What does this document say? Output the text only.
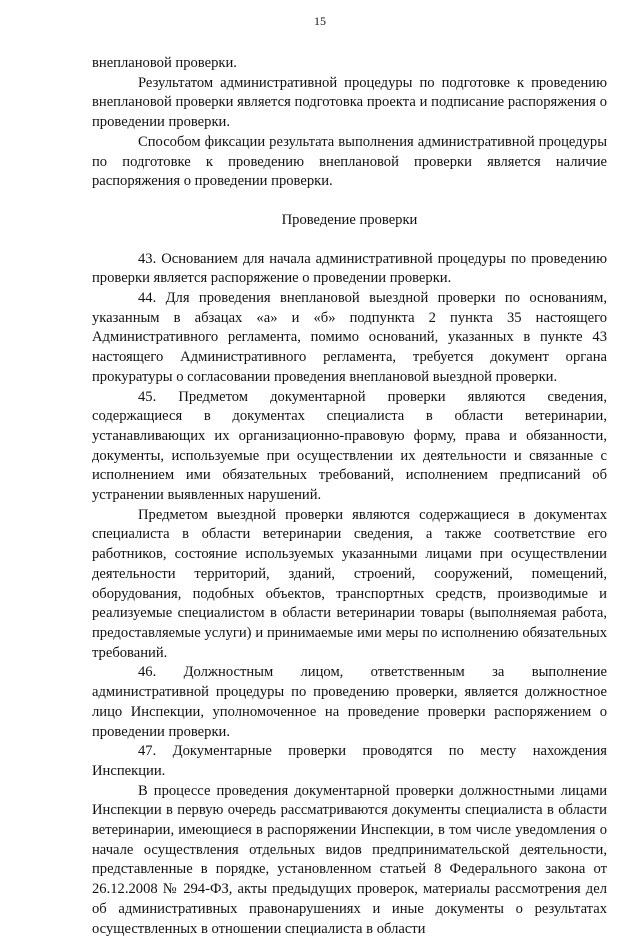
15

внеплановой проверки.

Результатом административной процедуры по подготовке к проведению внеплановой проверки является подготовка проекта и подписание распоряжения о проведении проверки.

Способом фиксации результата выполнения административной процедуры по подготовке к проведению внеплановой проверки является наличие распоряжения о проведении проверки.

Проведение проверки

43. Основанием для начала административной процедуры по проведению проверки является распоряжение о проведении проверки.

44. Для проведения внеплановой выездной проверки по основаниям, указанным в абзацах «а» и «б» подпункта 2 пункта 35 настоящего Административного регламента, помимо оснований, указанных в пункте 43 настоящего Административного регламента, требуется документ органа прокуратуры о согласовании проведения внеплановой выездной проверки.

45. Предметом документарной проверки являются сведения, содержащиеся в документах специалиста в области ветеринарии, устанавливающих их организационно-правовую форму, права и обязанности, документы, используемые при осуществлении их деятельности и связанные с исполнением ими обязательных требований, исполнением предписаний об устранении выявленных нарушений.

Предметом выездной проверки являются содержащиеся в документах специалиста в области ветеринарии сведения, а также соответствие его работников, состояние используемых указанными лицами при осуществлении деятельности территорий, зданий, строений, сооружений, помещений, оборудования, подобных объектов, транспортных средств, производимые и реализуемые специалистом в области ветеринарии товары (выполняемая работа, предоставляемые услуги) и принимаемые ими меры по исполнению обязательных требований.

46. Должностным лицом, ответственным за выполнение административной процедуры по проведению проверки, является должностное лицо Инспекции, уполномоченное на проведение проверки распоряжением о проведении проверки.

47. Документарные проверки проводятся по месту нахождения Инспекции.

В процессе проведения документарной проверки должностными лицами Инспекции в первую очередь рассматриваются документы специалиста в области ветеринарии, имеющиеся в распоряжении Инспекции, в том числе уведомления о начале осуществления отдельных видов предпринимательской деятельности, представленные в порядке, установленном статьей 8 Федерального закона от 26.12.2008 № 294-ФЗ, акты предыдущих проверок, материалы рассмотрения дел об административных правонарушениях и иные документы о результатах осуществленных в отношении специалиста в области
